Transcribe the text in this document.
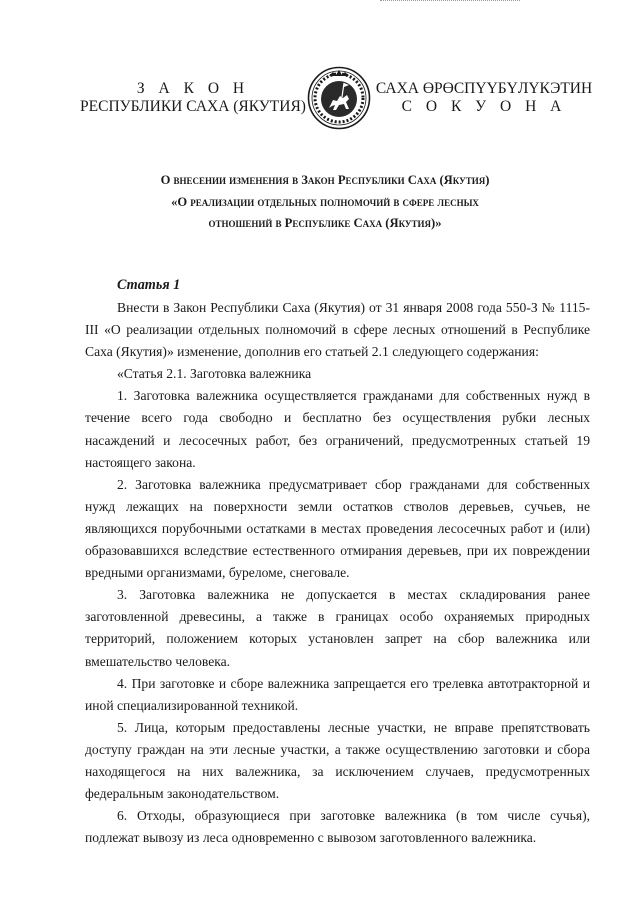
З А К О Н
РЕСПУБЛИКИ САХА (ЯКУТИЯ)
САХА ӨРӨСПҮҮБҮЛҮКЭТИН
С О К У О Н А
О внесении изменения в Закон Республики Саха (Якутия)
«О реализации отдельных полномочий в сфере лесных
отношений в Республике Саха (Якутия)»
Статья 1

Внести в Закон Республики Саха (Якутия) от 31 января 2008 года 550-З № 1115-III «О реализации отдельных полномочий в сфере лесных отношений в Республике Саха (Якутия)» изменение, дополнив его статьей 2.1 следующего содержания:

«Статья 2.1. Заготовка валежника

1. Заготовка валежника осуществляется гражданами для собственных нужд в течение всего года свободно и бесплатно без осуществления рубки лесных насаждений и лесосечных работ, без ограничений, предусмотренных статьей 19 настоящего закона.

2. Заготовка валежника предусматривает сбор гражданами для собственных нужд лежащих на поверхности земли остатков стволов деревьев, сучьев, не являющихся порубочными остатками в местах проведения лесосечных работ и (или) образовавшихся вследствие естественного отмирания деревьев, при их повреждении вредными организмами, буреломе, снеговале.

3. Заготовка валежника не допускается в местах складирования ранее заготовленной древесины, а также в границах особо охраняемых природных территорий, положением которых установлен запрет на сбор валежника или вмешательство человека.

4. При заготовке и сборе валежника запрещается его трелевка автотракторной и иной специализированной техникой.

5. Лица, которым предоставлены лесные участки, не вправе препятствовать доступу граждан на эти лесные участки, а также осуществлению заготовки и сбора находящегося на них валежника, за исключением случаев, предусмотренных федеральным законодательством.

6. Отходы, образующиеся при заготовке валежника (в том числе сучья), подлежат вывозу из леса одновременно с вывозом заготовленного валежника.
